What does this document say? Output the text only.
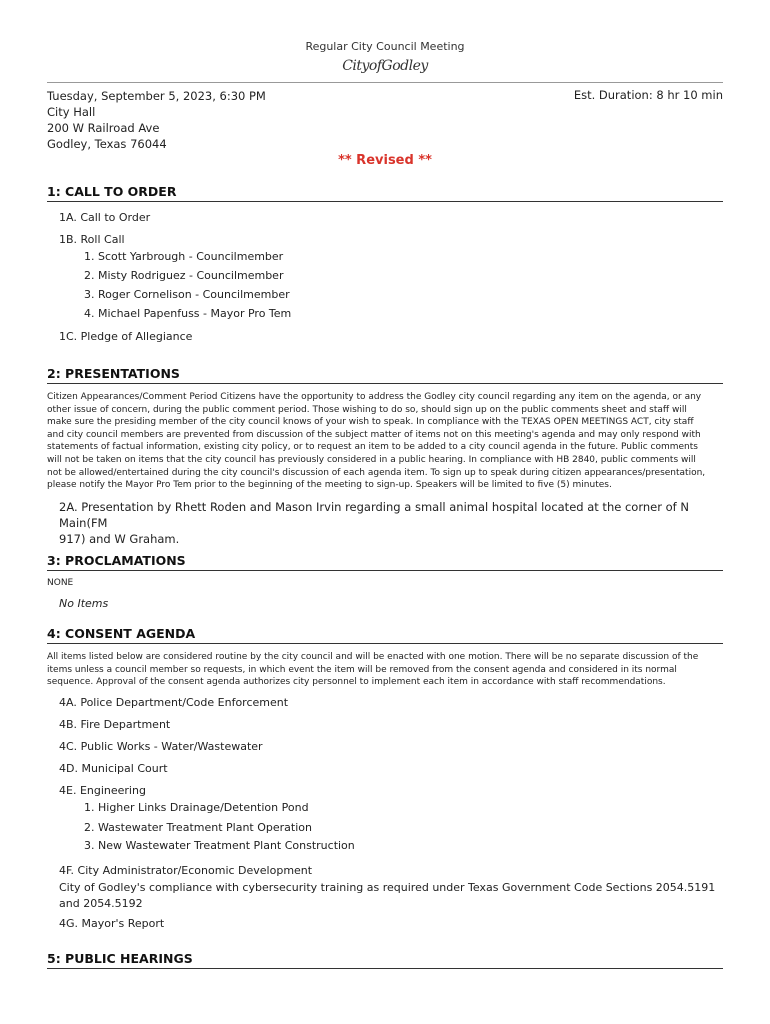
Regular City Council Meeting
CityofGodley
Tuesday, September 5, 2023, 6:30 PM
City Hall
200 W Railroad Ave
Godley, Texas 76044
Est. Duration: 8 hr 10 min
** Revised **
1: CALL TO ORDER
1A. Call to Order
1B. Roll Call
1. Scott Yarbrough - Councilmember
2. Misty Rodriguez - Councilmember
3. Roger Cornelison - Councilmember
4. Michael Papenfuss - Mayor Pro Tem
1C. Pledge of Allegiance
2: PRESENTATIONS
Citizen Appearances/Comment Period Citizens have the opportunity to address the Godley city council regarding any item on the agenda, or any
other issue of concern, during the public comment period. Those wishing to do so, should sign up on the public comments sheet and staff will
make sure the presiding member of the city council knows of your wish to speak. In compliance with the TEXAS OPEN MEETINGS ACT, city staff
and city council members are prevented from discussion of the subject matter of items not on this meeting's agenda and may only respond with
statements of factual information, existing city policy, or to request an item to be added to a city council agenda in the future. Public comments
will not be taken on items that the city council has previously considered in a public hearing. In compliance with HB 2840, public comments will
not be allowed/entertained during the city council's discussion of each agenda item. To sign up to speak during citizen appearances/presentation,
please notify the Mayor Pro Tem prior to the beginning of the meeting to sign-up. Speakers will be limited to five (5) minutes.
2A. Presentation by Rhett Roden and Mason Irvin regarding a small animal hospital located at the corner of N Main(FM
917) and W Graham.
3: PROCLAMATIONS
NONE
No Items
4: CONSENT AGENDA
All items listed below are considered routine by the city council and will be enacted with one motion. There will be no separate discussion of the
items unless a council member so requests, in which event the item will be removed from the consent agenda and considered in its normal
sequence. Approval of the consent agenda authorizes city personnel to implement each item in accordance with staff recommendations.
4A. Police Department/Code Enforcement
4B. Fire Department
4C. Public Works - Water/Wastewater
4D. Municipal Court
4E. Engineering
1. Higher Links Drainage/Detention Pond
2. Wastewater Treatment Plant Operation
3. New Wastewater Treatment Plant Construction
4F. City Administrator/Economic Development
City of Godley's compliance with cybersecurity training as required under Texas Government Code Sections 2054.5191
and 2054.5192
4G. Mayor's Report
5: PUBLIC HEARINGS
